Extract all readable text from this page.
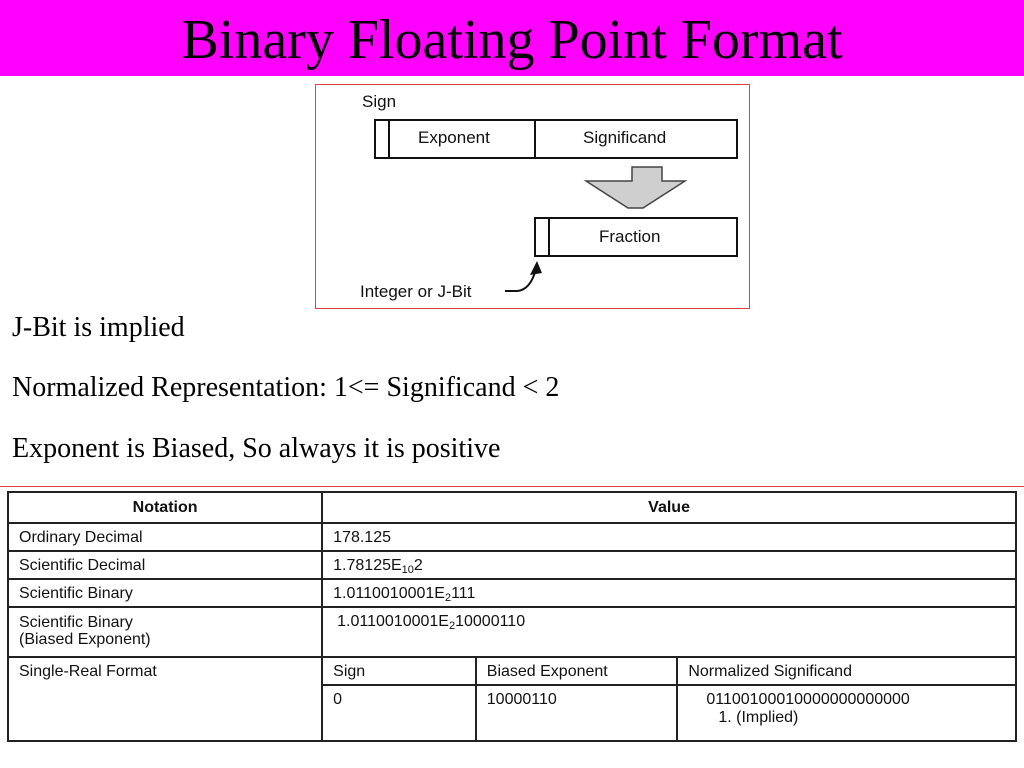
Binary Floating Point Format
Sign
Exponent	Significand
Fraction
Integer or J-Bit
J-Bit is implied
Normalized Representation: 1<= Significand < 2
Exponent is Biased, So always it is positive
Notation	Value		
Ordinary Decimal	178.125		
Scientific Decimal	$1.78125E_{10}2$		
Scientific Binary	$1.0110010001E_2111$		

Scientific Binary
(Biased Exponent)	$1.0110010001E_210000110$		
Single-Real Format	Sign	Biased Exponent	Normalized Significand
	0	10000110	01100100010000000000000
1. (Implied)
